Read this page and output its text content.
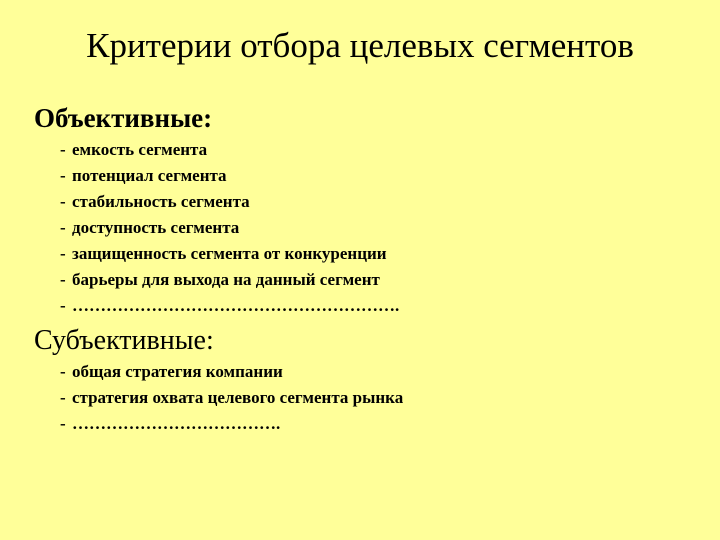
Критерии отбора целевых сегментов
Объективные:
- емкость сегмента
- потенциал сегмента
- стабильность сегмента
- доступность сегмента
- защищенность сегмента от конкуренции
- барьеры для выхода на данный сегмент
- ………………………………………………….
Субъективные:
- общая стратегия компании
- стратегия охвата целевого сегмента рынка
- ……………………………….
